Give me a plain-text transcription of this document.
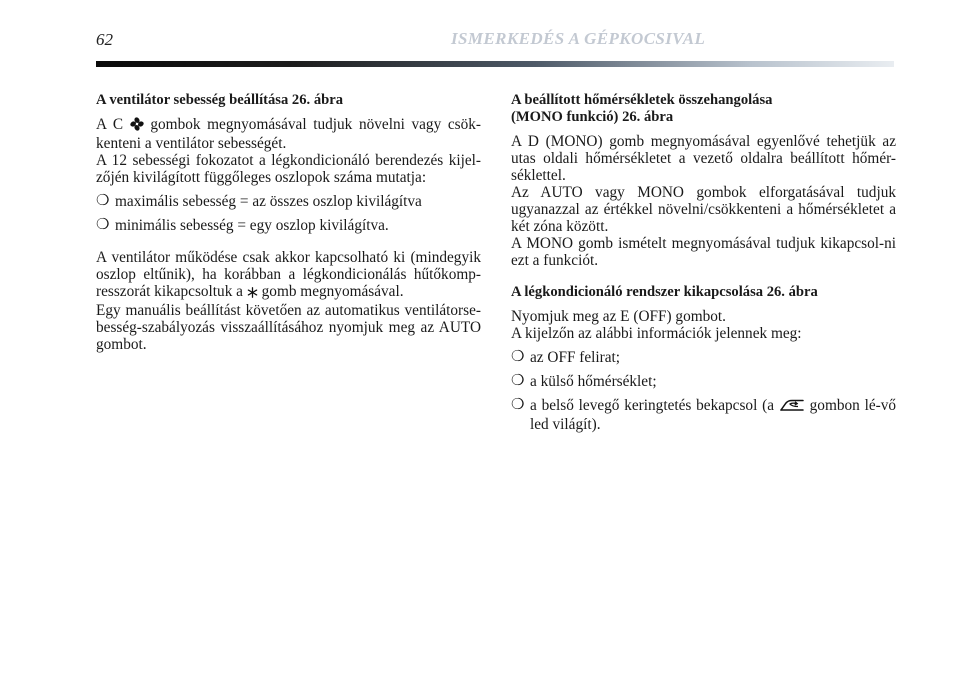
62	ISMERKEDÉS A GÉPKOCSIVAL
A ventilátor sebesség beállítása 26. ábra

A C gombok megnyomásával tudjuk növelni vagy csök-kenteni a ventilátor sebességét.

A 12 sebességi fokozatot a légkondicionáló berendezés kijel-zőjén kivilágított függőleges oszlopok száma mutatja:

❍ maximális sebesség = az összes oszlop kivilágítva
❍ minimális sebesség = egy oszlop kivilágítva.

A ventilátor működése csak akkor kapcsolható ki (mindegyik oszlop eltűnik), ha korábban a légkondicionálás hűtőkomp-resszorát kikapcsoltuk a gomb megnyomásával.

Egy manuális beállítást követően az automatikus ventilátorse-besség-szabályozás visszaállításához nyomjuk meg az AUTO gombot.

A beállított hőmérsékletek összehangolása
(MONO funkció) 26. ábra

A D (MONO) gomb megnyomásával egyenlővé tehetjük az utas oldali hőmérsékletet a vezető oldalra beállított hőmér-séklettel.

Az AUTO vagy MONO gombok elforgatásával tudjuk ugyanazzal az értékkel növelni/csökkenteni a hőmérsékletet a két zóna között.

A MONO gomb ismételt megnyomásával tudjuk kikapcsol-ni ezt a funkciót.

A légkondicionáló rendszer kikapcsolása 26. ábra

Nyomjuk meg az E (OFF) gombot.

A kijelzőn az alábbi információk jelennek meg:

❍ az OFF felirat;
❍ a külső hőmérséklet;
❍ a belső levegő keringtetés bekapcsol (a gombon lé-vő led világít).
